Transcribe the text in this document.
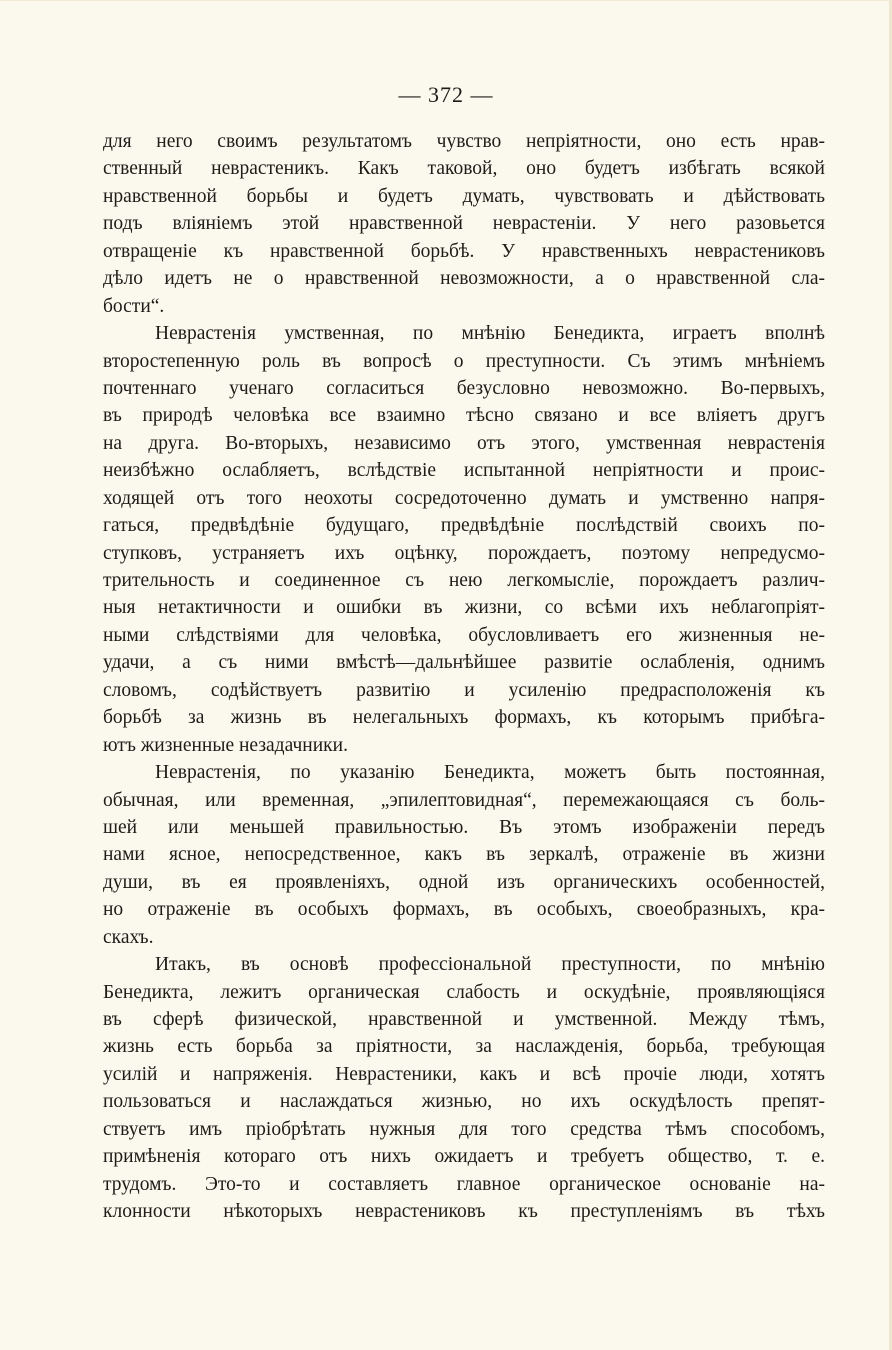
— 372 —
для него своимъ результатомъ чувство непріятности, оно есть нрав-
ственный неврастеникъ. Какъ таковой, оно будетъ избѣгать всякой
нравственной борьбы и будетъ думать, чувствовать и дѣйствовать
подъ вліяніемъ этой нравственной неврастеніи. У него разовьется
отвращеніе къ нравственной борьбѣ. У нравственныхъ неврастениковъ
дѣло идетъ не о нравственной невозможности, а о нравственной сла-
бости“.
Неврастенія умственная, по мнѣнію Бенедикта, играетъ вполнѣ
второстепенную роль въ вопросѣ о преступности. Съ этимъ мнѣніемъ
почтеннаго ученаго согласиться безусловно невозможно. Во-первыхъ,
въ природѣ человѣка все взаимно тѣсно связано и все вліяетъ другъ
на друга. Во-вторыхъ, независимо отъ этого, умственная неврастенія
неизбѣжно ослабляетъ, вслѣдствіе испытанной непріятности и проис-
ходящей отъ того неохоты сосредоточенно думать и умственно напря-
гаться, предвѣдѣніе будущаго, предвѣдѣніе послѣдствій своихъ по-
ступковъ, устраняетъ ихъ оцѣнку, порождаетъ, поэтому непредусмо-
трительность и соединенное съ нею легкомысліе, порождаетъ различ-
ныя нетактичности и ошибки въ жизни, со всѣми ихъ неблагопріят-
ными слѣдствіями для человѣка, обусловливаетъ его жизненныя не-
удачи, а съ ними вмѣстѣ—дальнѣйшее развитіе ослабленія, однимъ
словомъ, содѣйствуетъ развитію и усиленію предрасположенія къ
борьбѣ за жизнь въ нелегальныхъ формахъ, къ которымъ прибѣга-
ютъ жизненные незадачники.
Неврастенія, по указанію Бенедикта, можетъ быть постоянная,
обычная, или временная, „эпилептовидная“, перемежающаяся съ боль-
шей или меньшей правильностью. Въ этомъ изображеніи передъ
нами ясное, непосредственное, какъ въ зеркалѣ, отраженіе въ жизни
души, въ ея проявленіяхъ, одной изъ органическихъ особенностей,
но отраженіе въ особыхъ формахъ, въ особыхъ, своеобразныхъ, кра-
скахъ.
Итакъ, въ основѣ профессіональной преступности, по мнѣнію
Бенедикта, лежитъ органическая слабость и оскудѣніе, проявляющіяся
въ сферѣ физической, нравственной и умственной. Между тѣмъ,
жизнь есть борьба за пріятности, за наслажденія, борьба, требующая
усилій и напряженія. Неврастеники, какъ и всѣ прочіе люди, хотятъ
пользоваться и наслаждаться жизнью, но ихъ оскудѣлость препят-
ствуетъ имъ пріобрѣтать нужныя для того средства тѣмъ способомъ,
примѣненія котораго отъ нихъ ожидаетъ и требуетъ общество, т. е.
трудомъ. Это-то и составляетъ главное органическое основаніе на-
клонности нѣкоторыхъ неврастениковъ къ преступленіямъ въ тѣхъ
